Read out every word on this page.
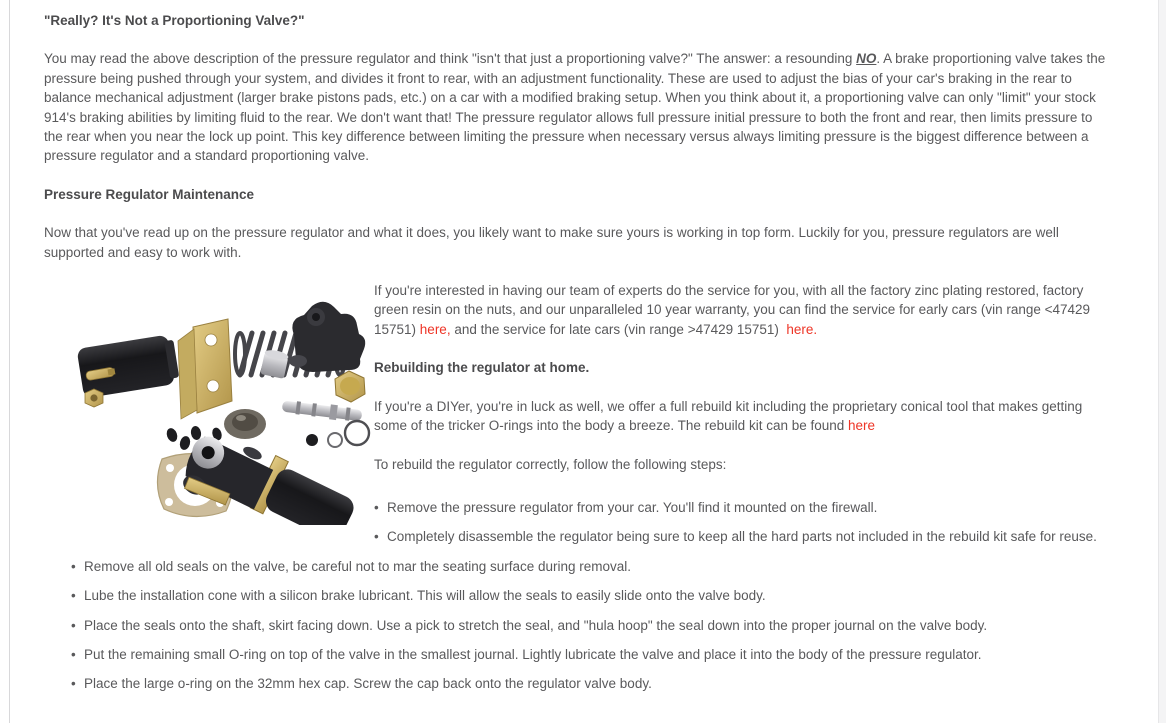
"Really? It's Not a Proportioning Valve?"

You may read the above description of the pressure regulator and think "isn't that just a proportioning valve?" The answer: a resounding NO. A brake proportioning valve takes the pressure being pushed through your system, and divides it front to rear, with an adjustment functionality. These are used to adjust the bias of your car's braking in the rear to balance mechanical adjustment (larger brake pistons pads, etc.) on a car with a modified braking setup. When you think about it, a proportioning valve can only "limit" your stock 914's braking abilities by limiting fluid to the rear. We don't want that! The pressure regulator allows full pressure initial pressure to both the front and rear, then limits pressure to the rear when you near the lock up point. This key difference between limiting the pressure when necessary versus always limiting pressure is the biggest difference between a pressure regulator and a standard proportioning valve.

Pressure Regulator Maintenance

Now that you've read up on the pressure regulator and what it does, you likely want to make sure yours is working in top form. Luckily for you, pressure regulators are well supported and easy to work with.

If you're interested in having our team of experts do the service for you, with all the factory zinc plating restored, factory green resin on the nuts, and our unparalleled 10 year warranty, you can find the service for early cars (vin range <47429 15751) here, and the service for late cars (vin range >47429 15751)  here.

Rebuilding the regulator at home.

If you're a DIYer, you're in luck as well, we offer a full rebuild kit including the proprietary conical tool that makes getting some of the tricker O-rings into the body a breeze. The rebuild kit can be found here

To rebuild the regulator correctly, follow the following steps:

• Remove the pressure regulator from your car. You'll find it mounted on the firewall.
• Completely disassemble the regulator being sure to keep all the hard parts not included in the rebuild kit safe for reuse.
• Remove all old seals on the valve, be careful not to mar the seating surface during removal.
• Lube the installation cone with a silicon brake lubricant. This will allow the seals to easily slide onto the valve body.
• Place the seals onto the shaft, skirt facing down. Use a pick to stretch the seal, and "hula hoop" the seal down into the proper journal on the valve body.
• Put the remaining small O-ring on top of the valve in the smallest journal. Lightly lubricate the valve and place it into the body of the pressure regulator.
• Place the large o-ring on the 32mm hex cap. Screw the cap back onto the regulator valve body.
